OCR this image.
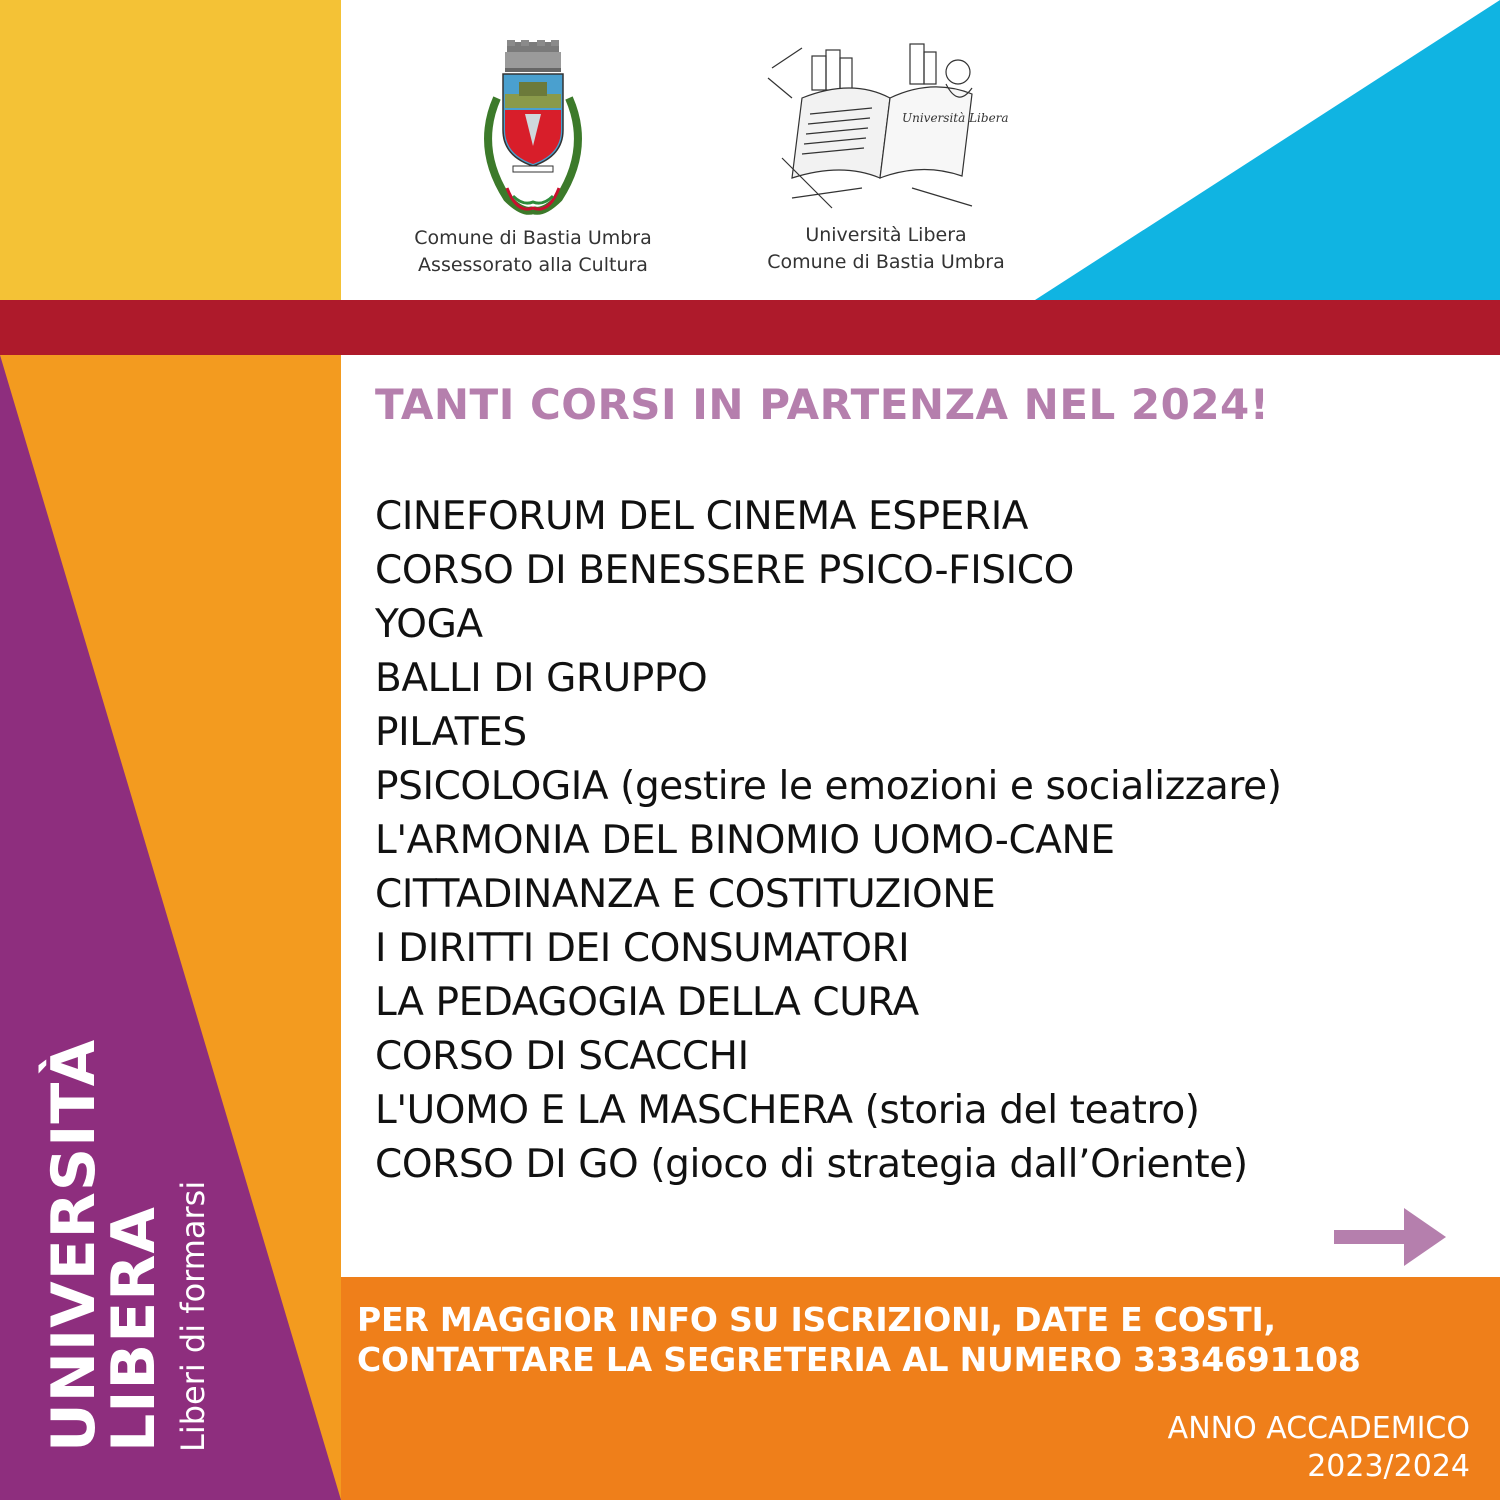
Università Libera
Comune di Bastia Umbra
Assessorato alla Cultura
Università Libera
Comune di Bastia Umbra
TANTI CORSI IN PARTENZA NEL 2024!
CINEFORUM DEL CINEMA ESPERIA
CORSO DI BENESSERE PSICO-FISICO
YOGA
BALLI DI GRUPPO
PILATES
PSICOLOGIA (gestire le emozioni e socializzare)
L'ARMONIA DEL BINOMIO UOMO-CANE
CITTADINANZA E COSTITUZIONE
I DIRITTI DEI CONSUMATORI
LA PEDAGOGIA DELLA CURA
CORSO DI SCACCHI
L'UOMO E LA MASCHERA (storia del teatro)
CORSO DI GO (gioco di strategia dall’Oriente)
PER MAGGIOR INFO SU ISCRIZIONI, DATE E COSTI,
CONTATTARE LA SEGRETERIA AL NUMERO 3334691108
ANNO ACCADEMICO
2023/2024
UNIVERSITÀ
LIBERA Liberi di formarsi
